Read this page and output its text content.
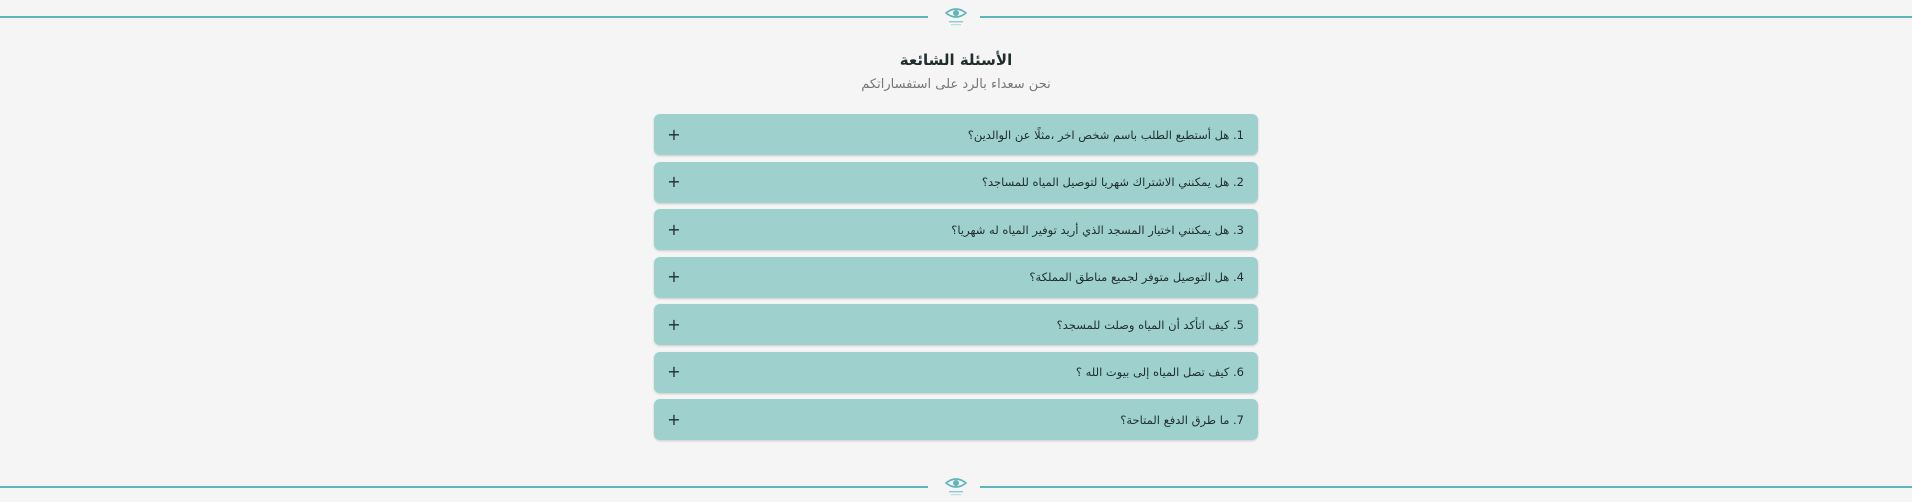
الأسئلة الشائعة

نحن سعداء بالرد على استفساراتكم

+	1. هل أستطيع الطلب باسم شخص اخر ،مثلًا عن الوالدين؟
+	2. هل يمكنني الاشتراك شهريا لتوصيل المياه للمساجد؟
+	3. هل يمكنني اختيار المسجد الذي أريد توفير المياه له شهريا؟
+	4. هل التوصيل متوفر لجميع مناطق المملكة؟
+	5. كيف اتأكد أن المياه وصلت للمسجد؟
+	6. كيف تصل المياه إلى بيوت الله ؟
+	7. ما طرق الدفع المتاحة؟
